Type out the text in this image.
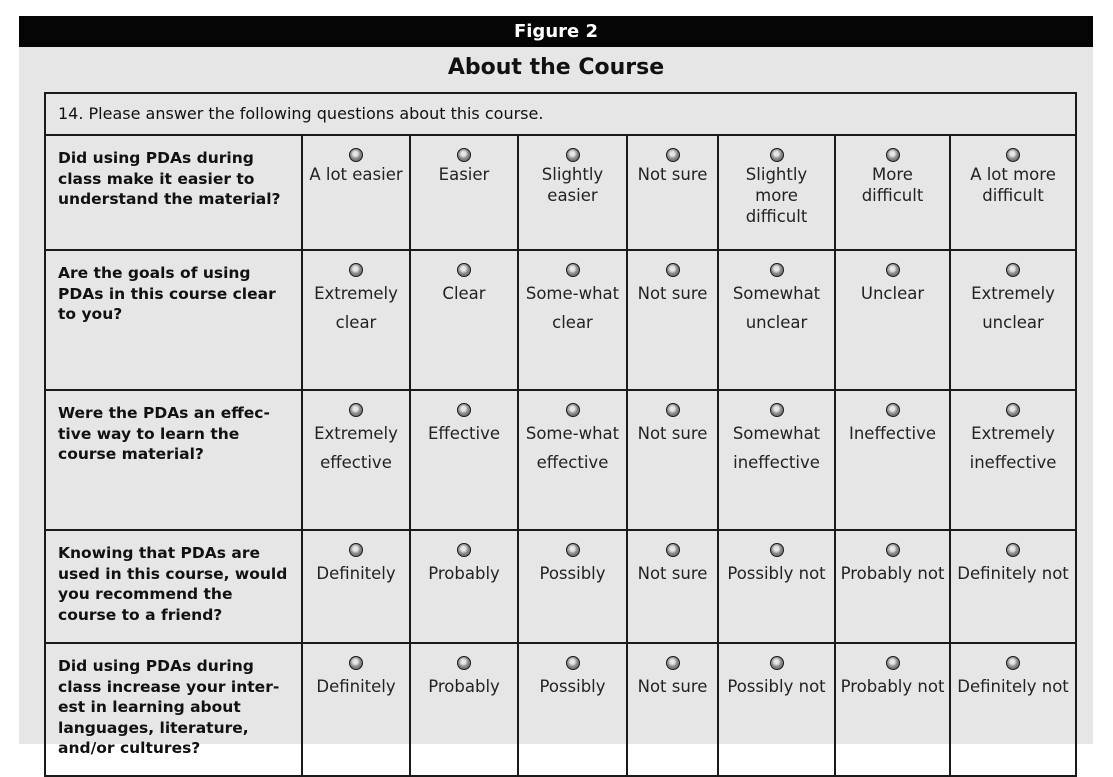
Figure 2
About the Course
14. Please answer the following questions about this course.							
Did using PDAs during class make it easier to understand the material?	A lot easier	Easier	Slightly easier	Not sure	Slightly more difficult	More difficult	A lot more difficult

Are the goals of using PDAs in this course clear to you?	Extremely clear	Clear	Some-what clear	Not sure	Somewhat unclear	Unclear	Extremely unclear

Were the PDAs an effec-tive way to learn the course material?	Extremely effective	Effective	Some-what effective	Not sure	Somewhat ineffective	Ineffective	Extremely ineffective

Knowing that PDAs are used in this course, would you recommend the course to a friend?	Definitely	Probably	Possibly	Not sure	Possibly not	Probably not	Definitely not

Did using PDAs during class increase your inter-est in learning about languages, literature, and/or cultures?	Definitely	Probably	Possibly	Not sure	Possibly not	Probably not	Definitely not
